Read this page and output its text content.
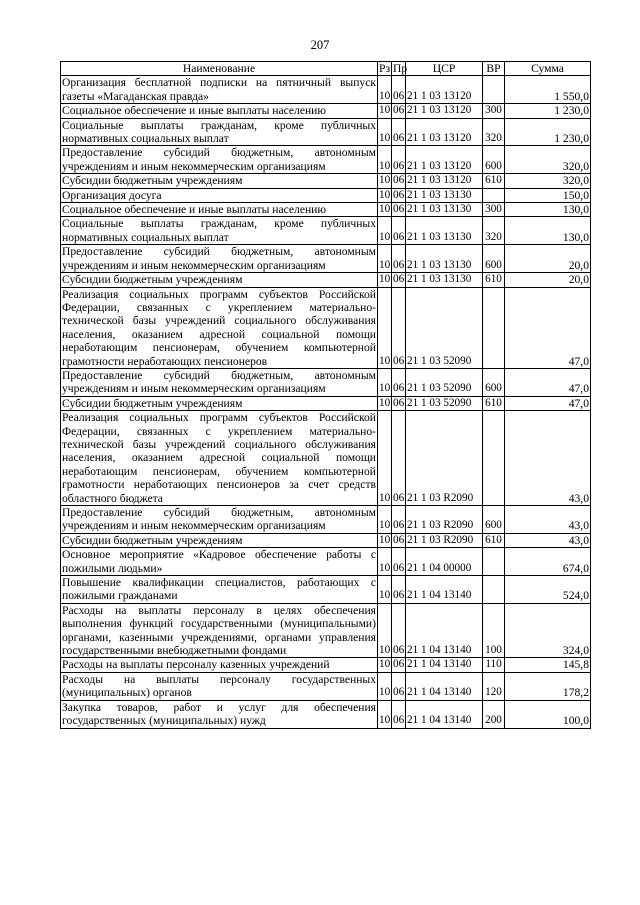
207
Наименование	Рз	Пр	ЦСР	ВР	Сумма
Организация бесплатной подписки на пятничный выпуск газеты «Магаданская правда»	10	06	21 1 03 13120		1 550,0
Социальное обеспечение и иные выплаты населению	10	06	21 1 03 13120	300	1 230,0
Социальные выплаты гражданам, кроме публичных нормативных социальных выплат	10	06	21 1 03 13120	320	1 230,0
Предоставление субсидий бюджетным, автономным учреждениям и иным некоммерческим организациям	10	06	21 1 03 13120	600	320,0
Субсидии бюджетным учреждениям	10	06	21 1 03 13120	610	320,0
Организация досуга	10	06	21 1 03 13130		150,0
Социальное обеспечение и иные выплаты населению	10	06	21 1 03 13130	300	130,0
Социальные выплаты гражданам, кроме публичных нормативных социальных выплат	10	06	21 1 03 13130	320	130,0
Предоставление субсидий бюджетным, автономным учреждениям и иным некоммерческим организациям	10	06	21 1 03 13130	600	20,0
Субсидии бюджетным учреждениям	10	06	21 1 03 13130	610	20,0
Реализация социальных программ субъектов Российской Федерации, связанных с укреплением материально-технической базы учреждений социального обслуживания населения, оказанием адресной социальной помощи неработающим пенсионерам, обучением компьютерной грамотности неработающих пенсионеров	10	06	21 1 03 52090		47,0
Предоставление субсидий бюджетным, автономным учреждениям и иным некоммерческим организациям	10	06	21 1 03 52090	600	47,0
Субсидии бюджетным учреждениям	10	06	21 1 03 52090	610	47,0
Реализация социальных программ субъектов Российской Федерации, связанных с укреплением материально-технической базы учреждений социального обслуживания населения, оказанием адресной социальной помощи неработающим пенсионерам, обучением компьютерной грамотности неработающих пенсионеров за счет средств областного бюджета	10	06	21 1 03 R2090		43,0
Предоставление субсидий бюджетным, автономным учреждениям и иным некоммерческим организациям	10	06	21 1 03 R2090	600	43,0
Субсидии бюджетным учреждениям	10	06	21 1 03 R2090	610	43,0
Основное мероприятие «Кадровое обеспечение работы с пожилыми людьми»	10	06	21 1 04 00000		674,0
Повышение квалификации специалистов, работающих с пожилыми гражданами	10	06	21 1 04 13140		524,0
Расходы на выплаты персоналу в целях обеспечения выполнения функций государственными (муниципальными) органами, казенными учреждениями, органами управления государственными внебюджетными фондами	10	06	21 1 04 13140	100	324,0
Расходы на выплаты персоналу казенных учреждений	10	06	21 1 04 13140	110	145,8
Расходы на выплаты персоналу государственных (муниципальных) органов	10	06	21 1 04 13140	120	178,2
Закупка товаров, работ и услуг для обеспечения государственных (муниципальных) нужд	10	06	21 1 04 13140	200	100,0
